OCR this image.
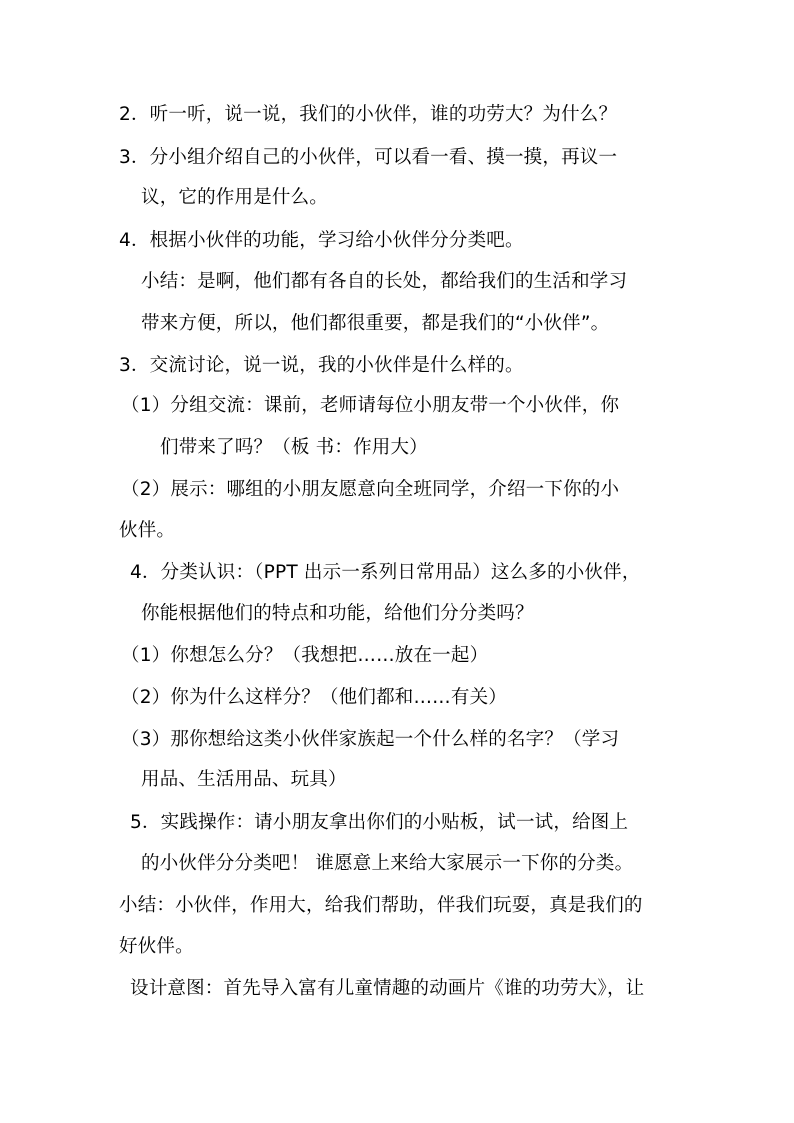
2．听一听，说一说，我们的小伙伴，谁的功劳大？为什么？
3．分小组介绍自己的小伙伴，可以看一看、摸一摸，再议一
议，它的作用是什么。
4．根据小伙伴的功能，学习给小伙伴分分类吧。
小结：是啊，他们都有各自的长处，都给我们的生活和学习
带来方便，所以，他们都很重要，都是我们的“小伙伴”。
3．交流讨论，说一说，我的小伙伴是什么样的。
（1）分组交流：课前，老师请每位小朋友带一个小伙伴，你
们带来了吗？（板 书：作用大）
（2）展示：哪组的小朋友愿意向全班同学，介绍一下你的小
伙伴。
4．分类认识：（PPT 出示一系列日常用品）这么多的小伙伴，
你能根据他们的特点和功能，给他们分分类吗？
（1）你想怎么分？（我想把……放在一起）
（2）你为什么这样分？（他们都和……有关）
（3）那你想给这类小伙伴家族起一个什么样的名字？（学习
用品、生活用品、玩具）
5．实践操作：请小朋友拿出你们的小贴板，试一试，给图上
的小伙伴分分类吧！ 谁愿意上来给大家展示一下你的分类。
小结：小伙伴，作用大，给我们帮助，伴我们玩耍，真是我们的
好伙伴。
设计意图：首先导入富有儿童情趣的动画片《谁的功劳大》，让
